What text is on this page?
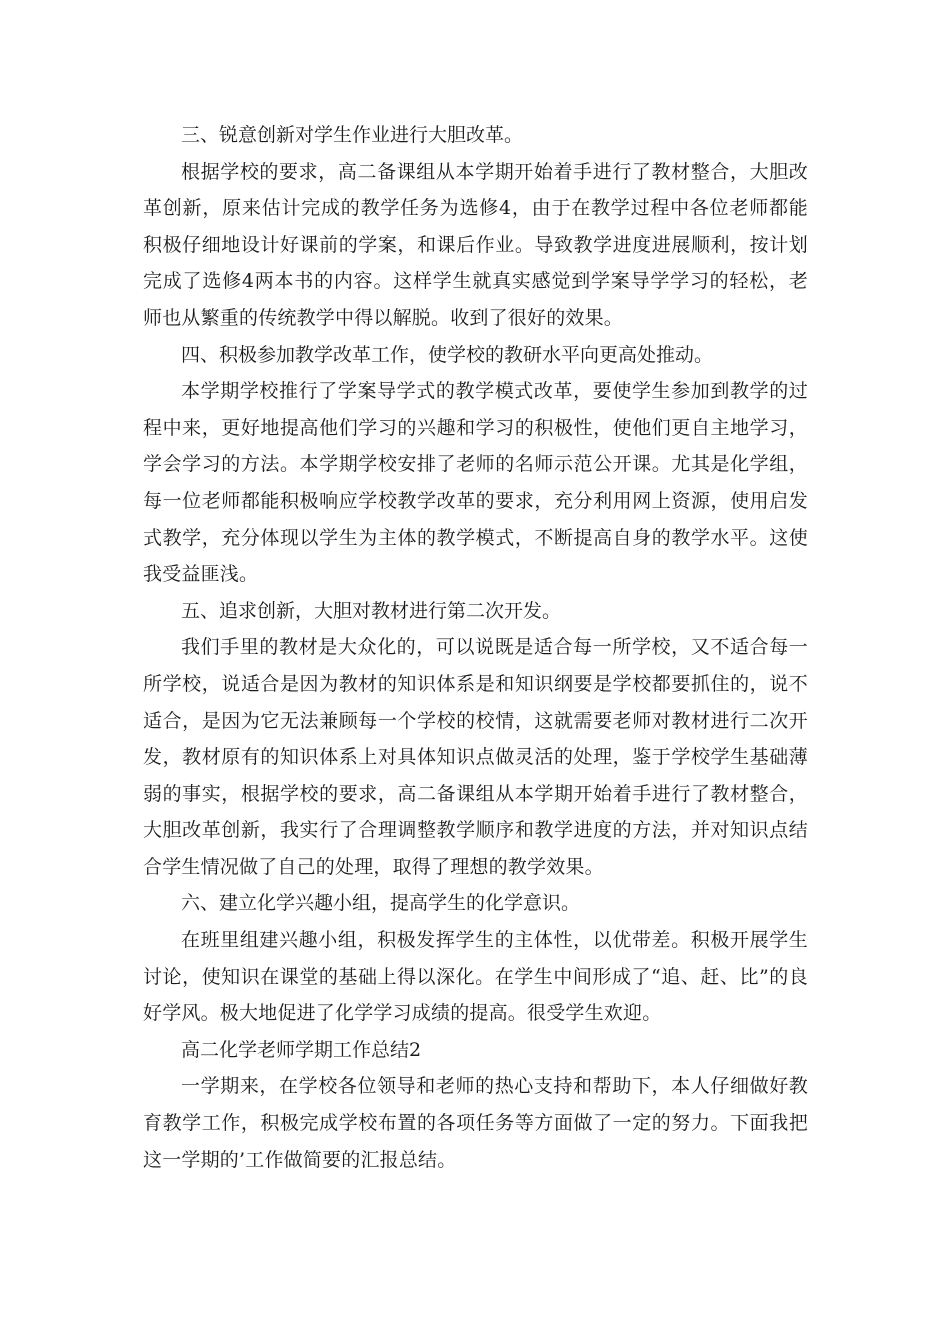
三、锐意创新对学生作业进行大胆改革。

根据学校的要求，高二备课组从本学期开始着手进行了教材整合，大胆改革创新，原来估计完成的教学任务为选修4，由于在教学过程中各位老师都能积极仔细地设计好课前的学案，和课后作业。导致教学进度进展顺利，按计划完成了选修4两本书的内容。这样学生就真实感觉到学案导学学习的轻松，老师也从繁重的传统教学中得以解脱。收到了很好的效果。

四、积极参加教学改革工作，使学校的教研水平向更高处推动。

本学期学校推行了学案导学式的教学模式改革，要使学生参加到教学的过程中来，更好地提高他们学习的兴趣和学习的积极性，使他们更自主地学习，学会学习的方法。本学期学校安排了老师的名师示范公开课。尤其是化学组，每一位老师都能积极响应学校教学改革的要求，充分利用网上资源，使用启发式教学，充分体现以学生为主体的教学模式，不断提高自身的教学水平。这使我受益匪浅。

五、追求创新，大胆对教材进行第二次开发。

我们手里的教材是大众化的，可以说既是适合每一所学校，又不适合每一所学校，说适合是因为教材的知识体系是和知识纲要是学校都要抓住的，说不适合，是因为它无法兼顾每一个学校的校情，这就需要老师对教材进行二次开发，教材原有的知识体系上对具体知识点做灵活的处理，鉴于学校学生基础薄弱的事实，根据学校的要求，高二备课组从本学期开始着手进行了教材整合，大胆改革创新，我实行了合理调整教学顺序和教学进度的方法，并对知识点结合学生情况做了自己的处理，取得了理想的教学效果。

六、建立化学兴趣小组，提高学生的化学意识。

在班里组建兴趣小组，积极发挥学生的主体性，以优带差。积极开展学生讨论，使知识在课堂的基础上得以深化。在学生中间形成了“追、赶、比”的良好学风。极大地促进了化学学习成绩的提高。很受学生欢迎。

高二化学老师学期工作总结2

一学期来，在学校各位领导和老师的热心支持和帮助下，本人仔细做好教育教学工作，积极完成学校布置的各项任务等方面做了一定的努力。下面我把这一学期的’工作做简要的汇报总结。
